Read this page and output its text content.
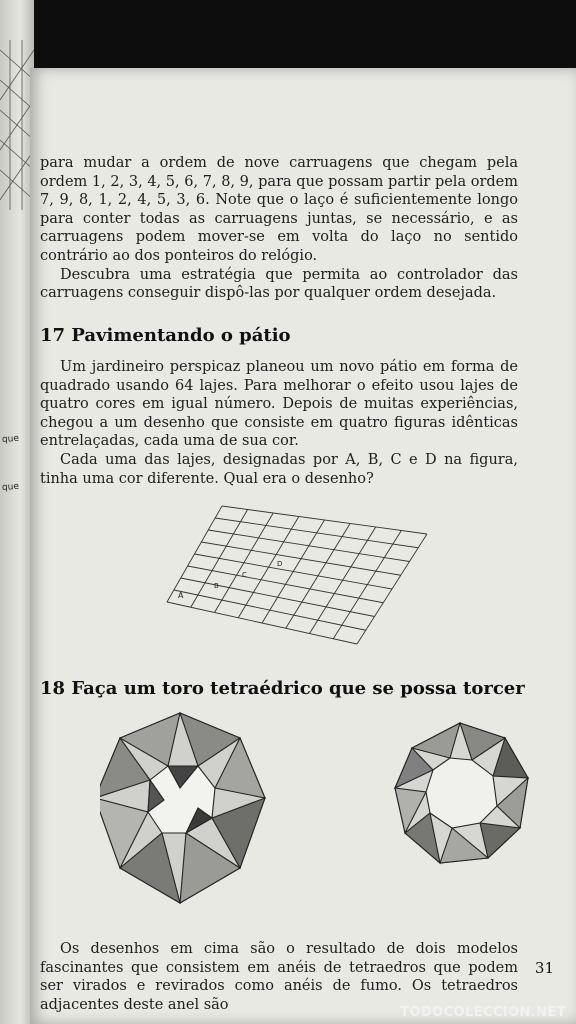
que
que

para mudar a ordem de nove carruagens que chegam pela ordem 1, 2, 3, 4, 5, 6, 7, 8, 9, para que possam partir pela ordem 7, 9, 8, 1, 2, 4, 5, 3, 6. Note que o laço é suficientemente longo para conter todas as carruagens juntas, se necessário, e as carruagens podem mover-se em volta do laço no sentido contrário ao dos ponteiros do relógio.

Descubra uma estratégia que permita ao controlador das carruagens conseguir dispô-las por qualquer ordem desejada.

17 Pavimentando o pátio

Um jardineiro perspicaz planeou um novo pátio em forma de quadrado usando 64 lajes. Para melhorar o efeito usou lajes de quatro cores em igual número. Depois de muitas experiências, chegou a um desenho que consiste em quatro figuras idênticas entrelaçadas, cada uma de sua cor.

Cada uma das lajes, designadas por A, B, C e D na figura, tinha uma cor diferente. Qual era o desenho?

A
B
C
D
18 Faça um toro tetraédrico que se possa torcer

Os desenhos em cima são o resultado de dois modelos fascinantes que consistem em anéis de tetraedros que podem ser virados e revirados como anéis de fumo. Os tetraedros adjacentes deste anel são

31
TODOCOLECCION.NET
